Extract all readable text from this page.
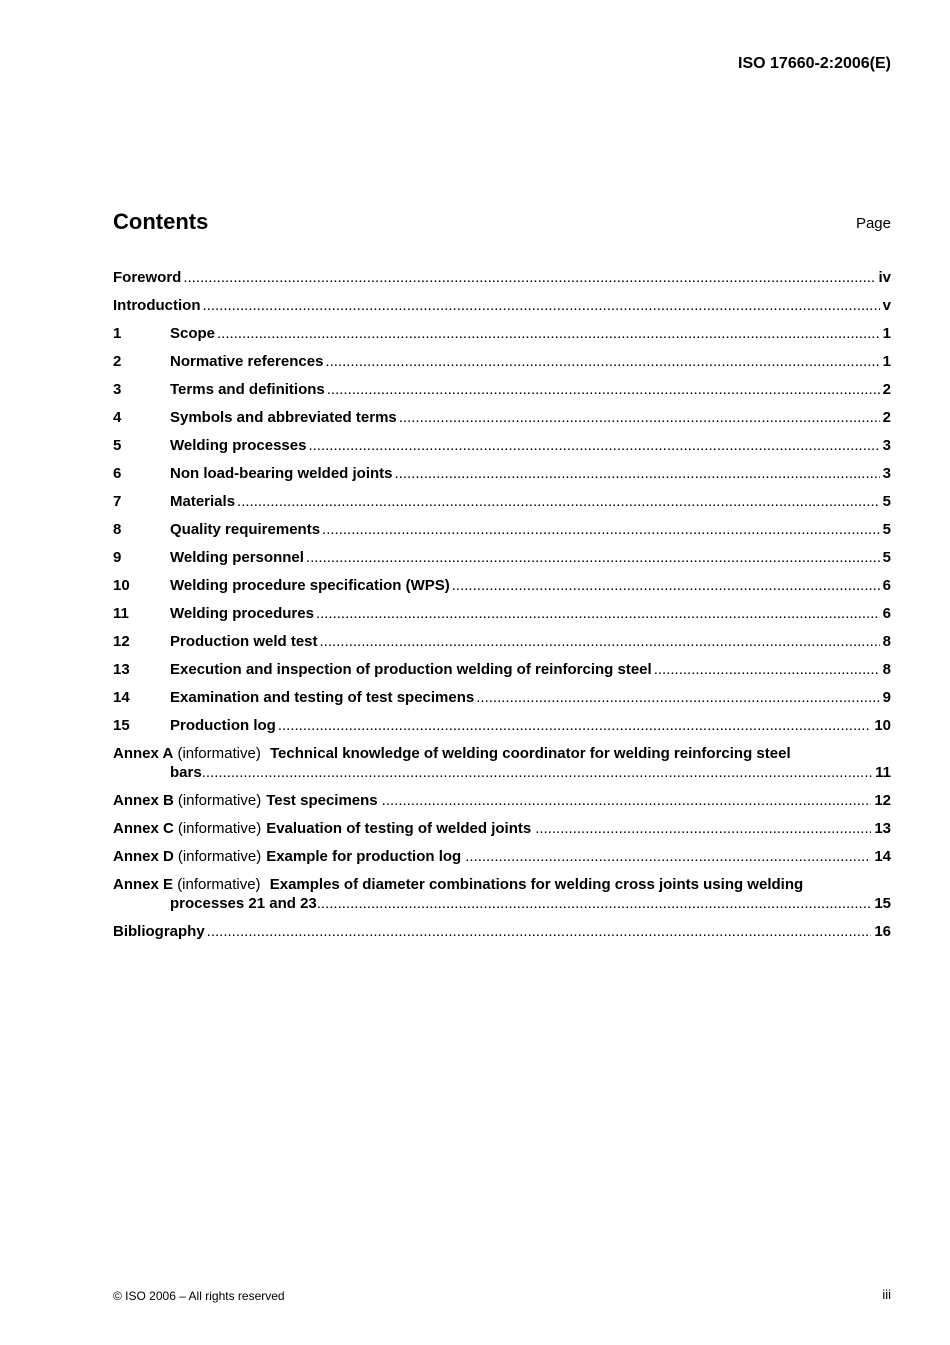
ISO 17660-2:2006(E)
Contents	Page
Foreword .....	iv
Introduction .....	v
1	Scope .....	1
2	Normative references .....	1
3	Terms and definitions .....	2
4	Symbols and abbreviated terms .....	2
5	Welding processes .....	3
6	Non load-bearing welded joints .....	3
7	Materials .....	5
8	Quality requirements .....	5
9	Welding personnel .....	5
10	Welding procedure specification (WPS) .....	6
11	Welding procedures .....	6
12	Production weld test .....	8
13	Execution and inspection of production welding of reinforcing steel .....	8
14	Examination and testing of test specimens .....	9
15	Production log .....	10
Annex A (informative) Technical knowledge of welding coordinator for welding reinforcing steel
bars .....	11
Annex B (informative) Test specimens .....	12
Annex C (informative) Evaluation of testing of welded joints .....	13
Annex D (informative) Example for production log .....	14
Annex E (informative) Examples of diameter combinations for welding cross joints using welding
processes 21 and 23 .....	15
Bibliography .....	16
© ISO 2006 – All rights reserved	iii
